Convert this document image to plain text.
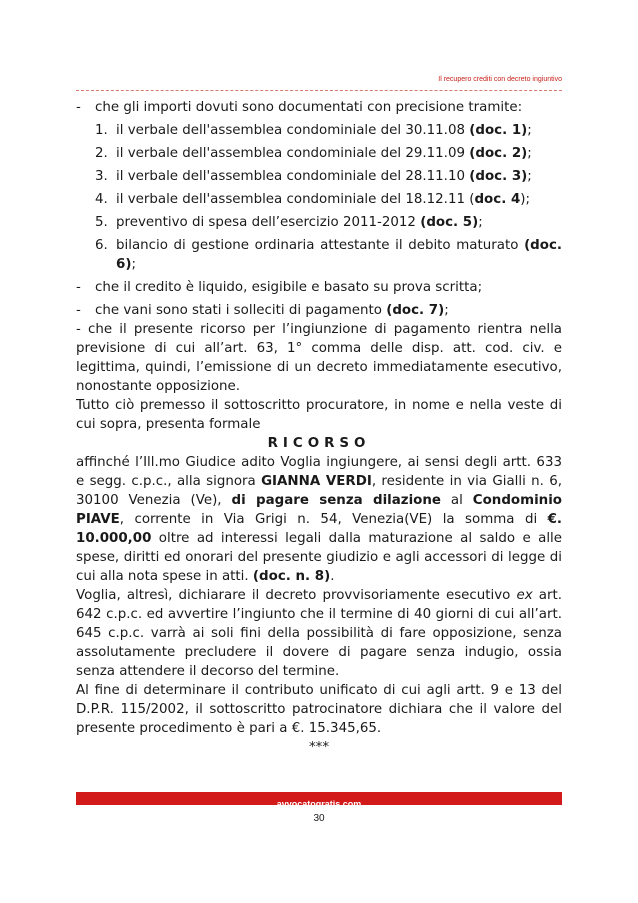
Il recupero crediti con decreto ingiuntivo
- che gli importi dovuti sono documentati con precisione tramite:
1. il verbale dell'assemblea condominiale del 30.11.08 (doc. 1);
2. il verbale dell'assemblea condominiale del 29.11.09 (doc. 2);
3. il verbale dell'assemblea condominiale del 28.11.10 (doc. 3);
4. il verbale dell'assemblea condominiale del 18.12.11 (doc. 4);
5. preventivo di spesa dell’esercizio 2011-2012 (doc. 5);
6. bilancio di gestione ordinaria attestante il debito maturato (doc. 6);
- che il credito è liquido, esigibile e basato su prova scritta;
- che vani sono stati i solleciti di pagamento (doc. 7);

- che il presente ricorso per l’ingiunzione di pagamento rientra nella previsione di cui all’art. 63, 1° comma delle disp. att. cod. civ. e legittima, quindi, l’emissione di un decreto immediatamente esecutivo, nonostante opposizione.

Tutto ciò premesso il sottoscritto procuratore, in nome e nella veste di cui sopra, presenta formale

RICORSO

affinché l’Ill.mo Giudice adito Voglia ingiungere, ai sensi degli artt. 633 e segg. c.p.c., alla signora GIANNA VERDI, residente in via Gialli n. 6, 30100 Venezia (Ve), di pagare senza dilazione al Condominio PIAVE, corrente in Via Grigi n. 54, Venezia(VE) la somma di €. 10.000,00 oltre ad interessi legali dalla maturazione al saldo e alle spese, diritti ed onorari del presente giudizio e agli accessori di legge di cui alla nota spese in atti. (doc. n. 8).

Voglia, altresì, dichiarare il decreto provvisoriamente esecutivo ex art. 642 c.p.c. ed avvertire l’ingiunto che il termine di 40 giorni di cui all’art. 645 c.p.c. varrà ai soli fini della possibilità di fare opposizione, senza assolutamente precludere il dovere di pagare senza indugio, ossia senza attendere il decorso del termine.

Al fine di determinare il contributo unificato di cui agli artt. 9 e 13 del D.P.R. 115/2002, il sottoscritto patrocinatore dichiara che il valore del presente procedimento è pari a €. 15.345,65.

***

avvocatogratis.com
30
